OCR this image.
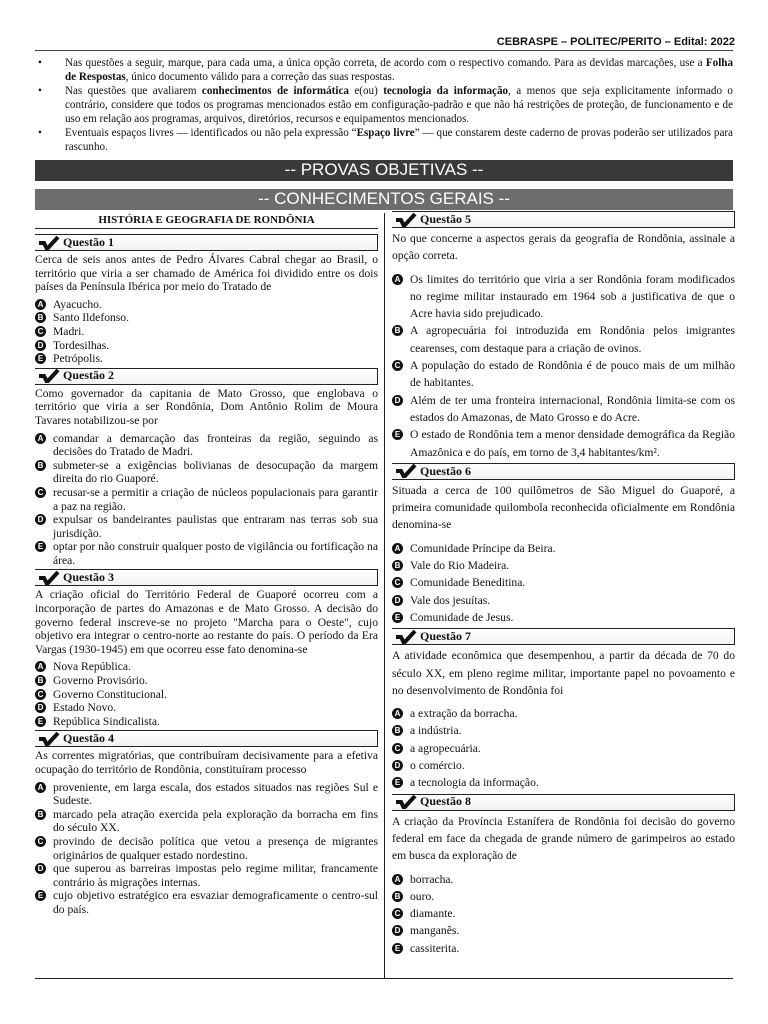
CEBRASPE – POLITEC/PERITO – Edital: 2022
• Nas questões a seguir, marque, para cada uma, a única opção correta, de acordo com o respectivo comando. Para as devidas marcações, use a Folha de Respostas, único documento válido para a correção das suas respostas.
• Nas questões que avaliarem conhecimentos de informática e(ou) tecnologia da informação, a menos que seja explicitamente informado o contrário, considere que todos os programas mencionados estão em configuração-padrão e que não há restrições de proteção, de funcionamento e de uso em relação aos programas, arquivos, diretórios, recursos e equipamentos mencionados.
• Eventuais espaços livres — identificados ou não pela expressão “Espaço livre” — que constarem deste caderno de provas poderão ser utilizados para rascunho.
-- PROVAS OBJETIVAS --
-- CONHECIMENTOS GERAIS --
HISTÓRIA E GEOGRAFIA DE RONDÔNIA
Questão 1
Cerca de seis anos antes de Pedro Álvares Cabral chegar ao Brasil, o território que viria a ser chamado de América foi dividido entre os dois países da Península Ibérica por meio do Tratado de
A Ayacucho.
B Santo Ildefonso.
C Madri.
D Tordesilhas.
E Petrópolis.
Questão 2
Como governador da capitania de Mato Grosso, que englobava o território que viria a ser Rondônia, Dom Antônio Rolim de Moura Tavares notabilizou-se por
A comandar a demarcação das fronteiras da região, seguindo as decisões do Tratado de Madri.
B submeter-se a exigências bolivianas de desocupação da margem direita do rio Guaporé.
C recusar-se a permitir a criação de núcleos populacionais para garantir a paz na região.
D expulsar os bandeirantes paulistas que entraram nas terras sob sua jurisdição.
E optar por não construir qualquer posto de vigilância ou fortificação na área.
Questão 3
A criação oficial do Território Federal de Guaporé ocorreu com a incorporação de partes do Amazonas e de Mato Grosso. A decisão do governo federal inscreve-se no projeto "Marcha para o Oeste", cujo objetivo era integrar o centro-norte ao restante do país. O período da Era Vargas (1930-1945) em que ocorreu esse fato denomina-se
A Nova República.
B Governo Provisório.
C Governo Constitucional.
D Estado Novo.
E República Sindicalista.
Questão 4
As correntes migratórias, que contribuíram decisivamente para a efetiva ocupação do território de Rondônia, constituíram processo
A proveniente, em larga escala, dos estados situados nas regiões Sul e Sudeste.
B marcado pela atração exercida pela exploração da borracha em fins do século XX.
C provindo de decisão política que vetou a presença de migrantes originários de qualquer estado nordestino.
D que superou as barreiras impostas pelo regime militar, francamente contrário às migrações internas.
E cujo objetivo estratégico era esvaziar demograficamente o centro-sul do país.
Questão 5
No que concerne a aspectos gerais da geografia de Rondônia, assinale a opção correta.
A Os limites do território que viria a ser Rondônia foram modificados no regime militar instaurado em 1964 sob a justificativa de que o Acre havia sido prejudicado.
B A agropecuária foi introduzida em Rondônia pelos imigrantes cearenses, com destaque para a criação de ovinos.
C A população do estado de Rondônia é de pouco mais de um milhão de habitantes.
D Além de ter uma fronteira internacional, Rondônia limita-se com os estados do Amazonas, de Mato Grosso e do Acre.
E O estado de Rondônia tem a menor densidade demográfica da Região Amazônica e do país, em torno de 3,4 habitantes/km².
Questão 6
Situada a cerca de 100 quilômetros de São Miguel do Guaporé, a primeira comunidade quilombola reconhecida oficialmente em Rondônia denomina-se
A Comunidade Príncipe da Beira.
B Vale do Rio Madeira.
C Comunidade Beneditina.
D Vale dos jesuítas.
E Comunidade de Jesus.
Questão 7
A atividade econômica que desempenhou, a partir da década de 70 do século XX, em pleno regime militar, importante papel no povoamento e no desenvolvimento de Rondônia foi
A a extração da borracha.
B a indústria.
C a agropecuária.
D o comércio.
E a tecnologia da informação.
Questão 8
A criação da Província Estanífera de Rondônia foi decisão do governo federal em face da chegada de grande número de garimpeiros ao estado em busca da exploração de
A borracha.
B ouro.
C diamante.
D manganês.
E cassiterita.
